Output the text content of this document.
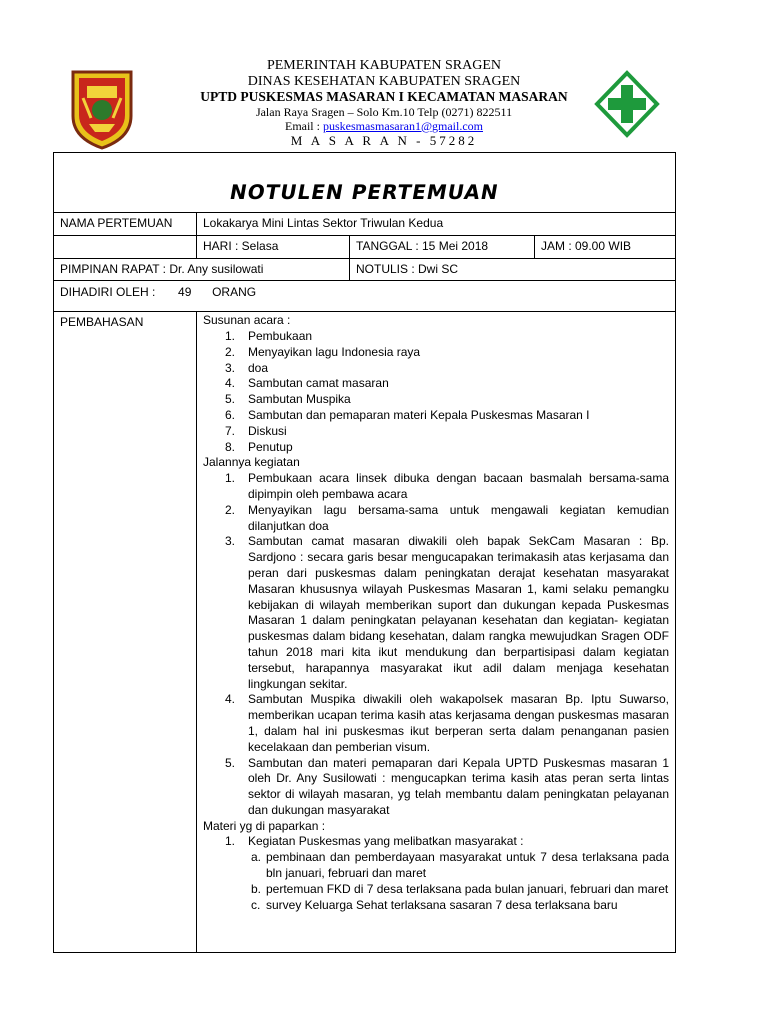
PEMERINTAH KABUPATEN SRAGEN
DINAS KESEHATAN KABUPATEN SRAGEN
UPTD PUSKESMAS MASARAN I KECAMATAN MASARAN
Jalan Raya Sragen – Solo Km.10 Telp (0271) 822511
Email : puskesmasmasaran1@gmail.com
M A S A R A N - 57282
NOTULEN PERTEMUAN
NAMA PERTEMUAN	Lokakarya Mini Lintas Sektor Triwulan Kedua
HARI : Selasa	TANGGAL : 15 Mei 2018	JAM : 09.00 WIB
PIMPINAN RAPAT : Dr. Any susilowati	NOTULIS : Dwi SC
DIHADIRI OLEH : 49 ORANG
PEMBAHASAN	Susunan acara :
1. Pembukaan
2. Menyayikan lagu Indonesia raya
3. doa
4. Sambutan camat masaran
5. Sambutan Muspika
6. Sambutan dan pemaparan materi Kepala Puskesmas Masaran I
7. Diskusi
8. Penutup
Jalannya kegiatan
1. Pembukaan acara linsek dibuka dengan bacaan basmalah bersama-sama dipimpin oleh pembawa acara
2. Menyayikan lagu bersama-sama untuk mengawali kegiatan kemudian dilanjutkan doa
3. Sambutan camat masaran diwakili oleh bapak SekCam Masaran : Bp. Sardjono : secara garis besar mengucapakan terimakasih atas kerjasama dan peran dari puskesmas dalam peningkatan derajat kesehatan masyarakat Masaran khususnya wilayah Puskesmas Masaran 1, kami selaku pemangku kebijakan di wilayah memberikan suport dan dukungan kepada Puskesmas Masaran 1 dalam peningkatan pelayanan kesehatan dan kegiatan- kegiatan puskesmas dalam bidang kesehatan, dalam rangka mewujudkan Sragen ODF tahun 2018 mari kita ikut mendukung dan berpartisipasi dalam kegiatan tersebut, harapannya masyarakat ikut adil dalam menjaga kesehatan lingkungan sekitar.
4. Sambutan Muspika diwakili oleh wakapolsek masaran Bp. Iptu Suwarso, memberikan ucapan terima kasih atas kerjasama dengan puskesmas masaran 1, dalam hal ini puskesmas ikut berperan serta dalam penanganan pasien kecelakaan dan pemberian visum.
5. Sambutan dan materi pemaparan dari Kepala UPTD Puskesmas masaran 1 oleh Dr. Any Susilowati : mengucapkan terima kasih atas peran serta lintas sektor di wilayah masaran, yg telah membantu dalam peningkatan pelayanan dan dukungan masyarakat
Materi yg di paparkan :
1. Kegiatan Puskesmas yang melibatkan masyarakat :
a. pembinaan dan pemberdayaan masyarakat untuk 7 desa terlaksana pada bln januari, februari dan maret
b. pertemuan FKD di 7 desa terlaksana pada bulan januari, februari dan maret
c. survey Keluarga Sehat terlaksana sasaran 7 desa terlaksana baru
